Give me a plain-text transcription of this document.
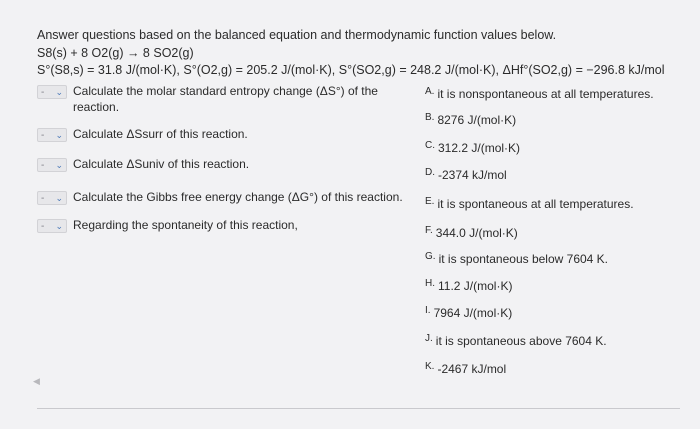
Answer questions based on the balanced equation and thermodynamic function values below.
S8(s) + 8 O2(g) → 8 SO2(g)
S°(S8,s) = 31.8 J/(mol·K), S°(O2,g) = 205.2 J/(mol·K), S°(SO2,g) = 248.2 J/(mol·K), ΔHf°(SO2,g) = −296.8 kJ/mol
- ⌄ Calculate the molar standard entropy change (ΔS°) of the reaction.
- ⌄ Calculate ΔSsurr of this reaction.
- ⌄ Calculate ΔSuniv of this reaction.
- ⌄ Calculate the Gibbs free energy change (ΔG°) of this reaction.
- ⌄ Regarding the spontaneity of this reaction,
$^{A.}$ it is nonspontaneous at all temperatures.
$^{B.}$ 8276 J/(mol·K)
$^{C.}$ 312.2 J/(mol·K)
$^{D.}$ -2374 kJ/mol
$^{E.}$ it is spontaneous at all temperatures.
$^{F.}$ 344.0 J/(mol·K)
$^{G.}$ it is spontaneous below 7604 K.
$^{H.}$ 11.2 J/(mol·K)
$^{I.}$ 7964 J/(mol·K)
$^{J.}$ it is spontaneous above 7604 K.
$^{K.}$ -2467 kJ/mol
◀
